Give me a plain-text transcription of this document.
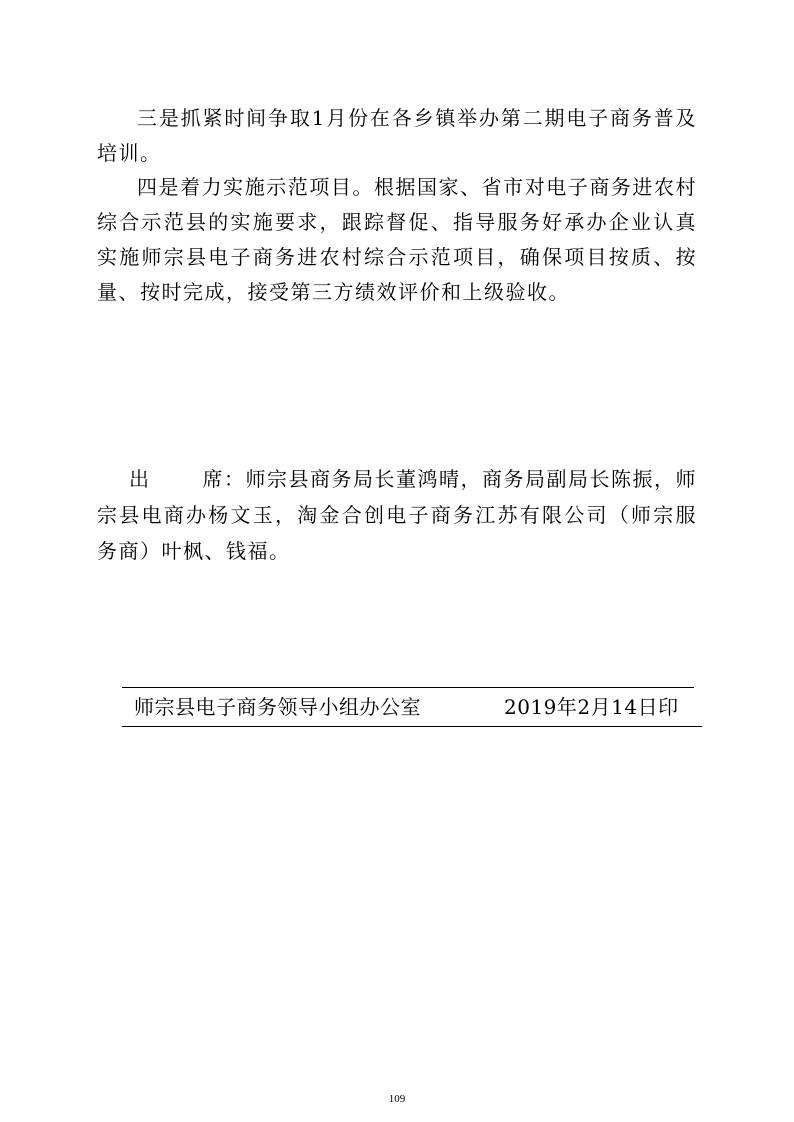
三是抓紧时间争取1月份在各乡镇举办第二期电子商务普及培训。

四是着力实施示范项目。根据国家、省市对电子商务进农村综合示范县的实施要求，跟踪督促、指导服务好承办企业认真实施师宗县电子商务进农村综合示范项目，确保项目按质、按量、按时完成，接受第三方绩效评价和上级验收。

出	席：师宗县商务局长董鸿晴，商务局副局长陈振，师宗县电商办杨文玉，淘金合创电子商务江苏有限公司（师宗服务商）叶枫、钱福。

师宗县电子商务领导小组办公室	2019年2月14日印
109
